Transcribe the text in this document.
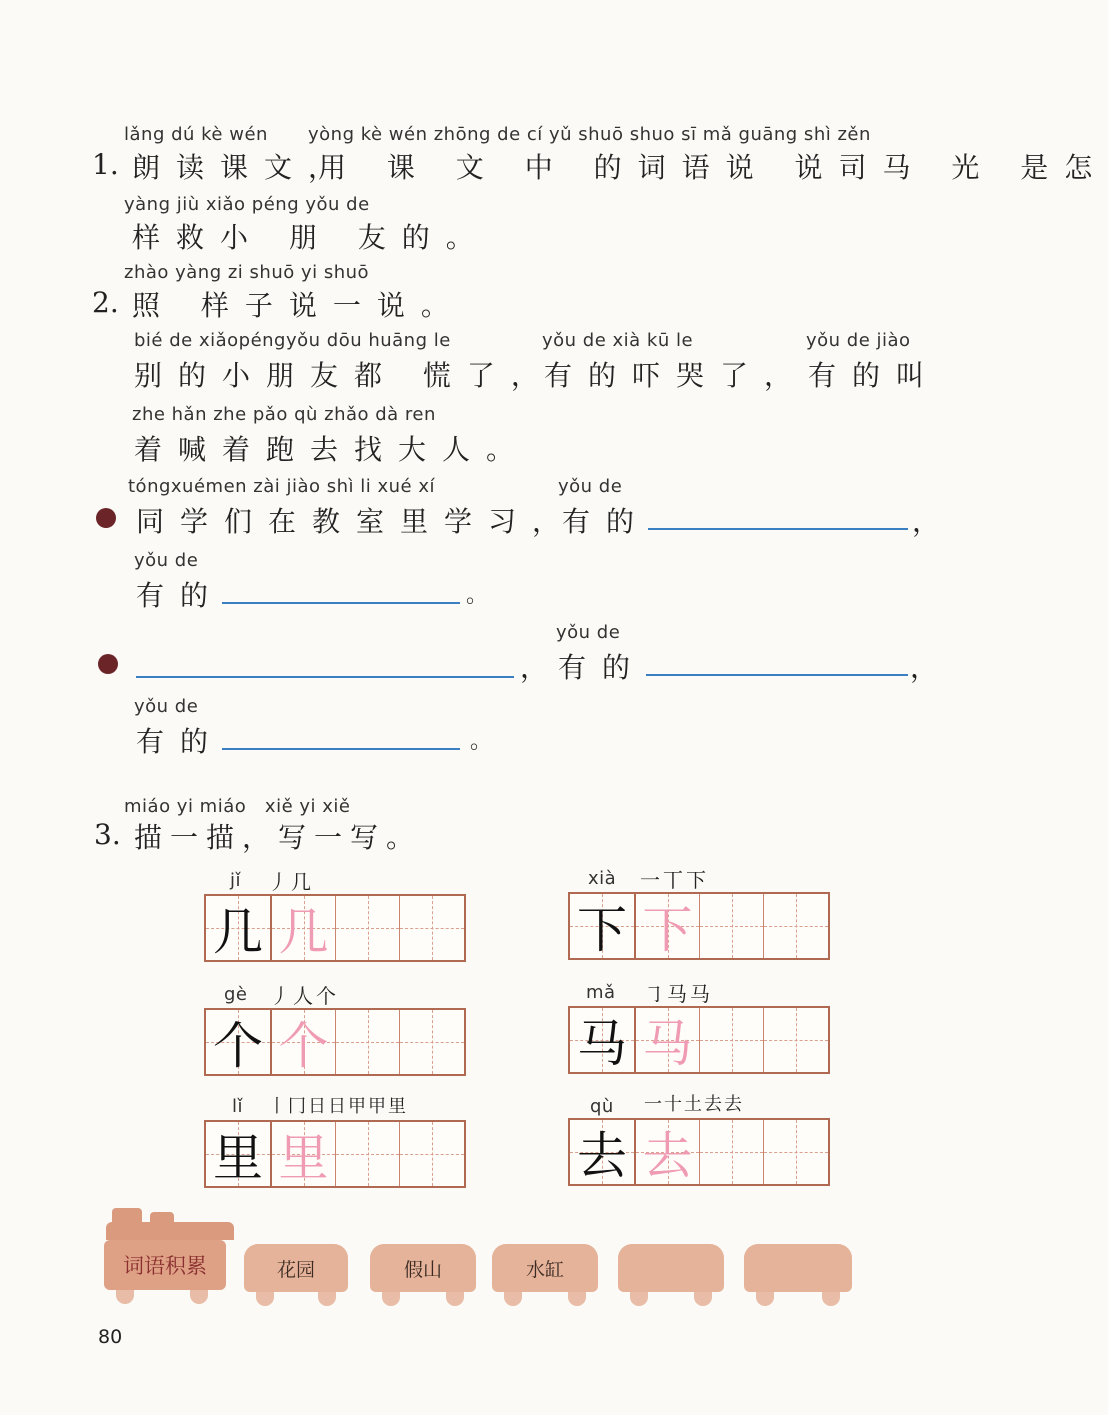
lǎng dú kè wén yòng kè wén zhōng de cí yǔ shuō shuo sī mǎ guāng shì zěn
1. 朗读课文，
用 课 文 中 的词语说 说司马 光 是怎
yàng jiù xiǎo péng yǒu de
样救小 朋 友的。
zhào yàng zi shuō yi shuō
2. 照 样子说一说。
bié de xiǎopéngyǒu dōu huāng le	yǒu de xià kū le	yǒu de jiào
别的小朋友都 慌了，
有的吓哭了， 有的叫
zhe hǎn zhe pǎo qù zhǎo dà ren
着喊着跑去找大人。
tóngxuémen zài jiào shì li xué xí	yǒu de
同学们在教室里学习，
有的	，
yǒu de
有的	。
，
yǒu de
有的	，
yǒu de
有的	。
miáo yi miáo   xiě yi xiě
3. 描一描，写一写。
jǐ 丿几
几 几
xià 一丅下
下 下
gè 丿人个
个 个
mǎ ㇆马马
马 马
lǐ 丨冂日日甲甲里
里 里
qù 一十土去去
去 去
词语积累	花园	假山	水缸
80
